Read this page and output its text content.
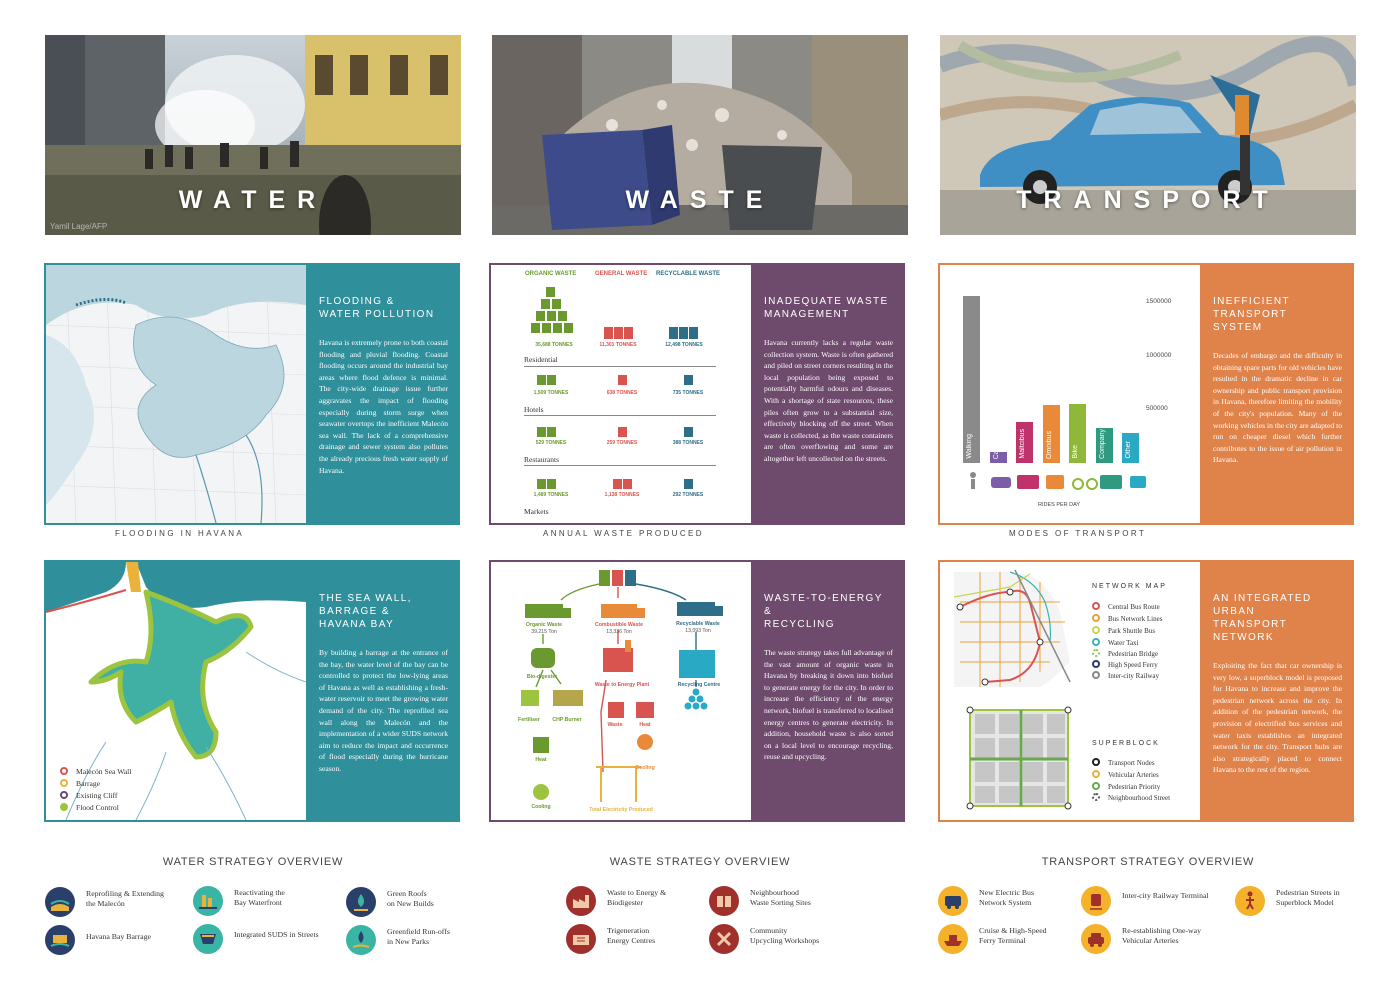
WATER
Yamil Lage/AFP
WASTE	TRANSPORT
FLOODING &
WATER POLLUTION
Havana is extremely prone to both coastal flooding and pluvial flooding. Coastal flooding occurs around the industrial bay areas where flood defence is minimal. The city-wide drainage issue further aggravates the impact of flooding especially during storm surge when seawater overtops the inefficient Malecón sea wall. The lack of a comprehensive drainage and sewer system also pollutes the already precious fresh water supply of Havana.
FLOODING IN HAVANA
ORGANIC WASTE	GENERAL WASTE RECYCLABLE WASTE
35,688 TONNES	11,301 TONNES	12,498 TONNES
Residential
1,509 TONNES	638 TONNES	735 TONNES
Hotels
529 TONNES	259 TONNES	388 TONNES
Restaurants
1,489 TONNES	1,138 TONNES	292 TONNES
Markets
INADEQUATE WASTE
MANAGEMENT
Havana currently lacks a regular waste collection system. Waste is often gathered and piled on street corners resulting in the local population being exposed to potentially harmful odours and diseases. With a shortage of state resources, these piles often grow to a substantial size, effectively blocking off the street. When waste is collected, as the waste containers are often overflowing and some are altogether left uncollected on the streets.
ANNUAL WASTE PRODUCED
1500000
1000000
500000
RIDES PER DAY
Walking	Car	Maltcibus	Omnibus	Bike	Company Bus	Other
INEFFICIENT TRANSPORT
SYSTEM
Decades of embargo and the difficulty in obtaining spare parts for old vehicles have resulted in the dramatic decline in car ownership and public transport provision in Havana, therefore limiting the mobility of the city's population. Many of the working vehicles in the city are adapted to run on cheaper diesel which further contributes to the issue of air pollution in Havana.
MODES OF TRANSPORT
Malecón Sea Wall
Barrage
Existing Cliff
Flood Control
THE SEA WALL, BARRAGE &
HAVANA BAY
By building a barrage at the entrance of the bay, the water level of the bay can be controlled to protect the low-lying areas of Havana as well as establishing a fresh-water reservoir to meet the growing water demand of the city. The reprofiled sea wall along the Malecón and the implementation of a wider SUDS network aim to reduce the impact and occurrence of flood especially during the hurricane season.
Organic Waste
39,215 Ton
Combustible Waste
13,336 Ton
Recyclable Waste
13,093 Ton
Bio-digester
Waste to Energy Plant	Recycling Centre
Fertiliser	CHP Burner
Waste	Heat
Heat
Cooling
Cooling	Total Electricity Produced
WASTE-TO-ENERGY &
RECYCLING
The waste strategy takes full advantage of the vast amount of organic waste in Havana by breaking it down into biofuel to generate energy for the city. In order to increase the efficiency of the energy network, biofuel is transferred to localised energy centres to generate electricity. In addition, household waste is also sorted on a local level to encourage recycling, reuse and upcycling.
NETWORK MAP
Central Bus Route
Bus Network Lines
Park Shuttle Bus
Water Taxi
Pedestrian Bridge
High Speed Ferry
Inter-city Railway
SUPERBLOCK
Transport Nodes
Vehicular Arteries
Pedestrian Priority
Neighbourhood Street
AN INTEGRATED URBAN
TRANSPORT NETWORK
Exploiting the fact that car ownership is very low, a superblock model is proposed for Havana to increase and improve the pedestrian network across the city. In addition of the pedestrian network, the provision of electrified bus services and water taxis establishes an integrated network for the city. Transport hubs are also strategically placed to connect Havana to the rest of the region.
WATER STRATEGY OVERVIEW	WASTE STRATEGY OVERVIEW	TRANSPORT STRATEGY OVERVIEW
Reprofiling & Extending
the Malecón
Reactivating the
Bay Waterfront
Green Roofs
on New Builds
Havana Bay Barrage	Integrated SUDS in Streets	Greenfield Run-offs
in New Parks
Waste to Energy &
Biodigester
Neighbourhood
Waste Sorting Sites
Trigeneration
Energy Centres
Community
Upcycling Workshops
New Electric Bus
Network System
Inter-city Railway Terminal	Pedestrian Streets in
Superblock Model
Cruise & High-Speed
Ferry Terminal
Re-establishing One-way
Vehicular Arteries
